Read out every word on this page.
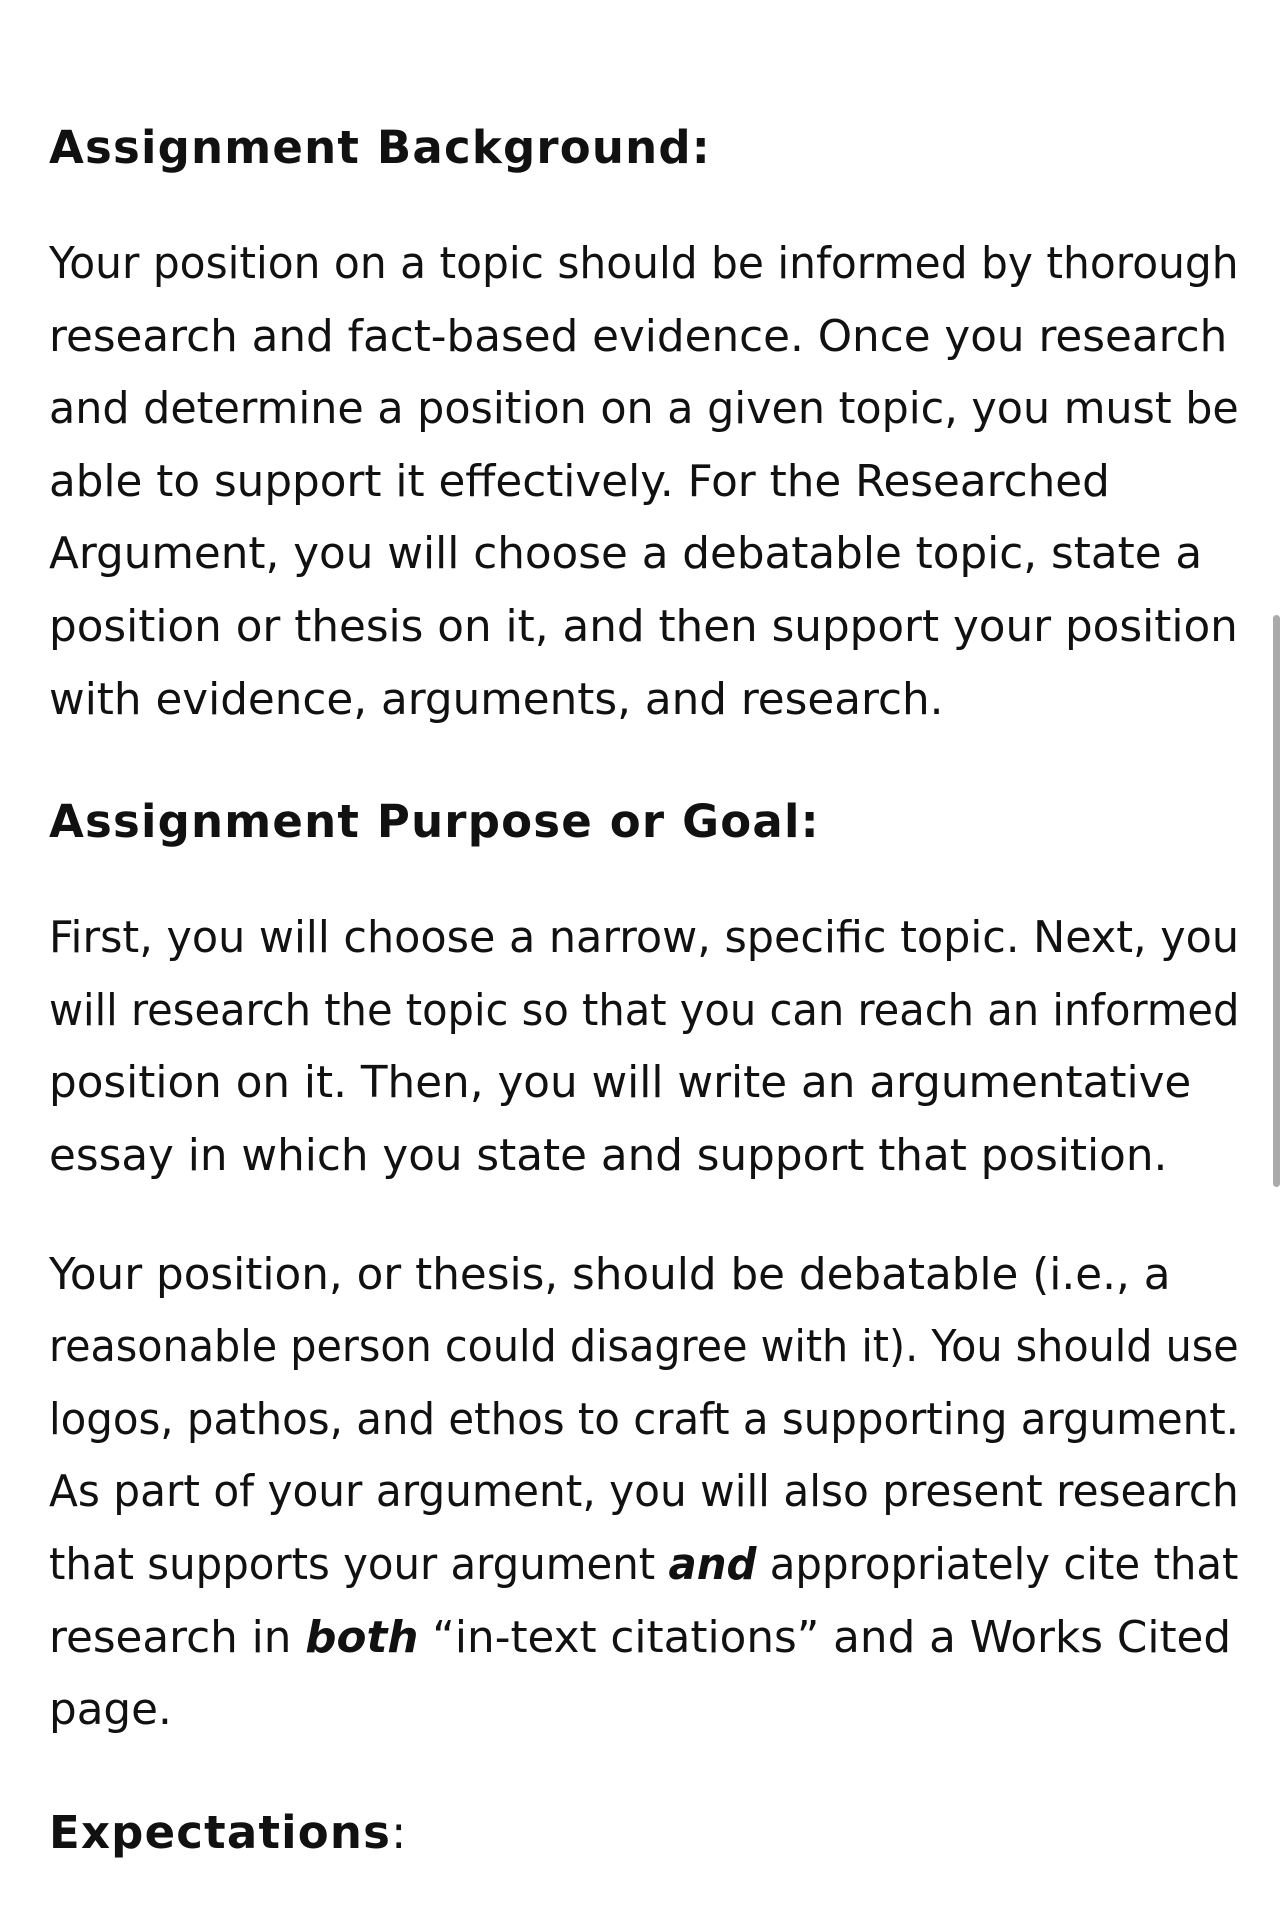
Assignment Background:
Your position on a topic should be informed by thorough
research and fact-based evidence. Once you research
and determine a position on a given topic, you must be
able to support it effectively. For the Researched
Argument, you will choose a debatable topic, state a
position or thesis on it, and then support your position
with evidence, arguments, and research.
Assignment Purpose or Goal:
First, you will choose a narrow, specific topic. Next, you
will research the topic so that you can reach an informed
position on it. Then, you will write an argumentative
essay in which you state and support that position.
Your position, or thesis, should be debatable (i.e., a
reasonable person could disagree with it). You should use
logos, pathos, and ethos to craft a supporting argument.
As part of your argument, you will also present research
that supports your argument and appropriately cite that
research in both “in-text citations” and a Works Cited
page.
Expectations:
